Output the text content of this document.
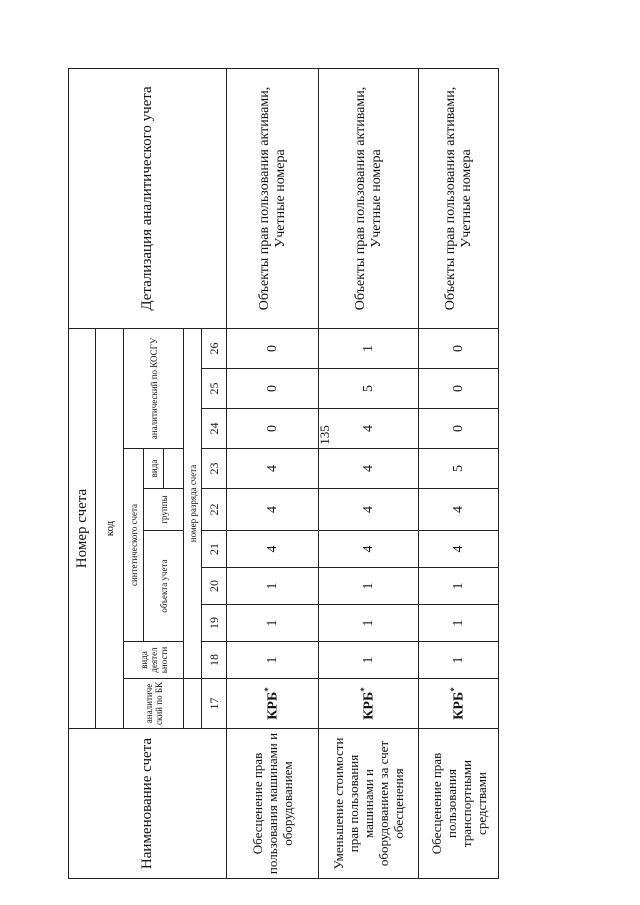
135
Наименование счета	Номер счета										Детализация аналитического учета
	код										
	аналитиче ский по БК	вида деятел ьности	синтетического счета					аналитический по КОСГУ			
			объекта учета			группы	вида				

		номер разряда счета									
	17	18	19	20	21	22	23	24	25	26	
Обесценение прав пользования машинами и оборудованием	КРБ*	1	1	1	4	4	4	0	0	0	Объекты прав пользования активами, Учетные номера
Уменьшение стоимости прав пользования машинами и оборудованием за счет обесценения	КРБ*	1	1	1	4	4	4	4	5	1	Объекты прав пользования активами, Учетные номера
Обесценение прав пользования транспортными средствами	КРБ*	1	1	1	4	4	5	0	0	0	Объекты прав пользования активами, Учетные номера
